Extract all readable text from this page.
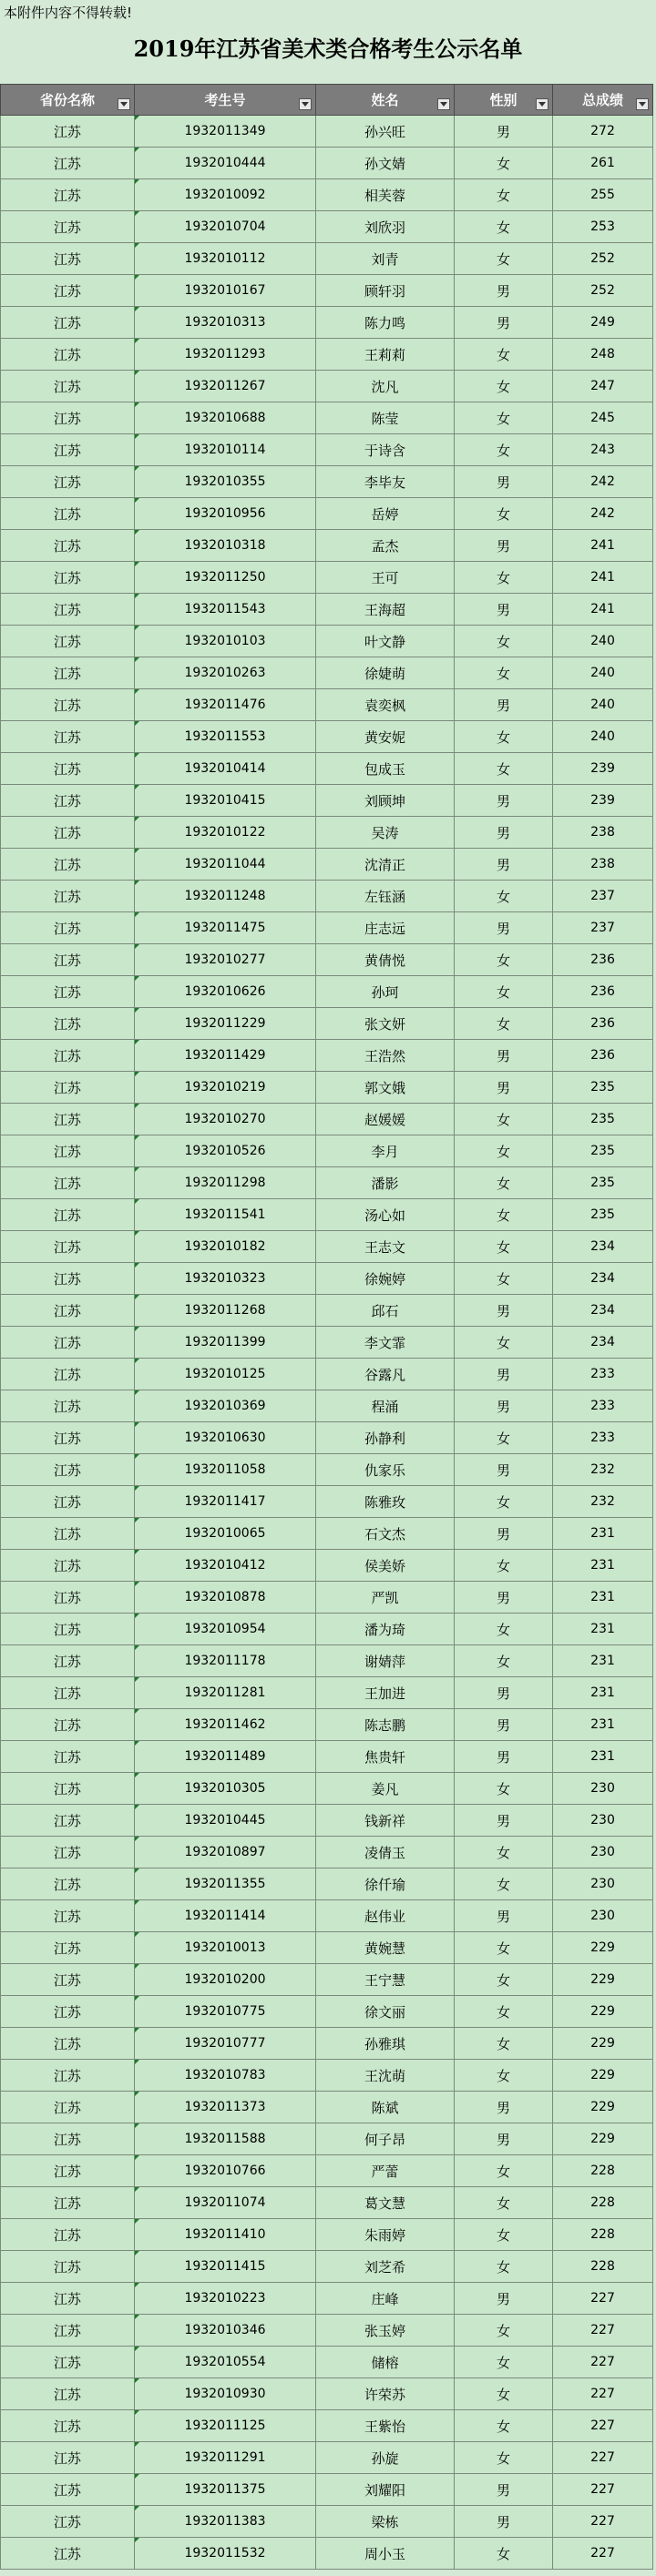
本附件内容不得转载!
2019年江苏省美术类合格考生公示名单
省份名称	考生号	姓名	性别	总成绩

江苏	1932011349	孙兴旺	男	272
江苏	1932010444	孙文婧	女	261
江苏	1932010092	相芙蓉	女	255
江苏	1932010704	刘欣羽	女	253
江苏	1932010112	刘青	女	252
江苏	1932010167	顾轩羽	男	252
江苏	1932010313	陈力鸣	男	249
江苏	1932011293	王莉莉	女	248
江苏	1932011267	沈凡	女	247
江苏	1932010688	陈莹	女	245
江苏	1932010114	于诗含	女	243
江苏	1932010355	李毕友	男	242
江苏	1932010956	岳婷	女	242
江苏	1932010318	孟杰	男	241
江苏	1932011250	王可	女	241
江苏	1932011543	王海超	男	241
江苏	1932010103	叶文静	女	240
江苏	1932010263	徐婕萌	女	240
江苏	1932011476	袁奕枫	男	240
江苏	1932011553	黄安妮	女	240
江苏	1932010414	包成玉	女	239
江苏	1932010415	刘顾坤	男	239
江苏	1932010122	吴涛	男	238
江苏	1932011044	沈清正	男	238
江苏	1932011248	左钰涵	女	237
江苏	1932011475	庄志远	男	237
江苏	1932010277	黄倩悦	女	236
江苏	1932010626	孙珂	女	236
江苏	1932011229	张文妍	女	236
江苏	1932011429	王浩然	男	236
江苏	1932010219	郭文娥	男	235
江苏	1932010270	赵媛媛	女	235
江苏	1932010526	李月	女	235
江苏	1932011298	潘影	女	235
江苏	1932011541	汤心如	女	235
江苏	1932010182	王志文	女	234
江苏	1932010323	徐婉婷	女	234
江苏	1932011268	邱石	男	234
江苏	1932011399	李文霏	女	234
江苏	1932010125	谷露凡	男	233
江苏	1932010369	程涌	男	233
江苏	1932010630	孙静利	女	233
江苏	1932011058	仇家乐	男	232
江苏	1932011417	陈雅玫	女	232
江苏	1932010065	石文杰	男	231
江苏	1932010412	侯美娇	女	231
江苏	1932010878	严凯	男	231
江苏	1932010954	潘为琦	女	231
江苏	1932011178	谢婧萍	女	231
江苏	1932011281	王加进	男	231
江苏	1932011462	陈志鹏	男	231
江苏	1932011489	焦贵轩	男	231
江苏	1932010305	姜凡	女	230
江苏	1932010445	钱新祥	男	230
江苏	1932010897	凌倩玉	女	230
江苏	1932011355	徐仟瑜	女	230
江苏	1932011414	赵伟业	男	230
江苏	1932010013	黄婉慧	女	229
江苏	1932010200	王宁慧	女	229
江苏	1932010775	徐文丽	女	229
江苏	1932010777	孙雅琪	女	229
江苏	1932010783	王沈萌	女	229
江苏	1932011373	陈斌	男	229
江苏	1932011588	何子昂	男	229
江苏	1932010766	严蕾	女	228
江苏	1932011074	葛文慧	女	228
江苏	1932011410	朱雨婷	女	228
江苏	1932011415	刘芝希	女	228
江苏	1932010223	庄峰	男	227
江苏	1932010346	张玉婷	女	227
江苏	1932010554	储榕	女	227
江苏	1932010930	许荣苏	女	227
江苏	1932011125	王紫怡	女	227
江苏	1932011291	孙旋	女	227
江苏	1932011375	刘耀阳	男	227
江苏	1932011383	梁栋	男	227
江苏	1932011532	周小玉	女	227
